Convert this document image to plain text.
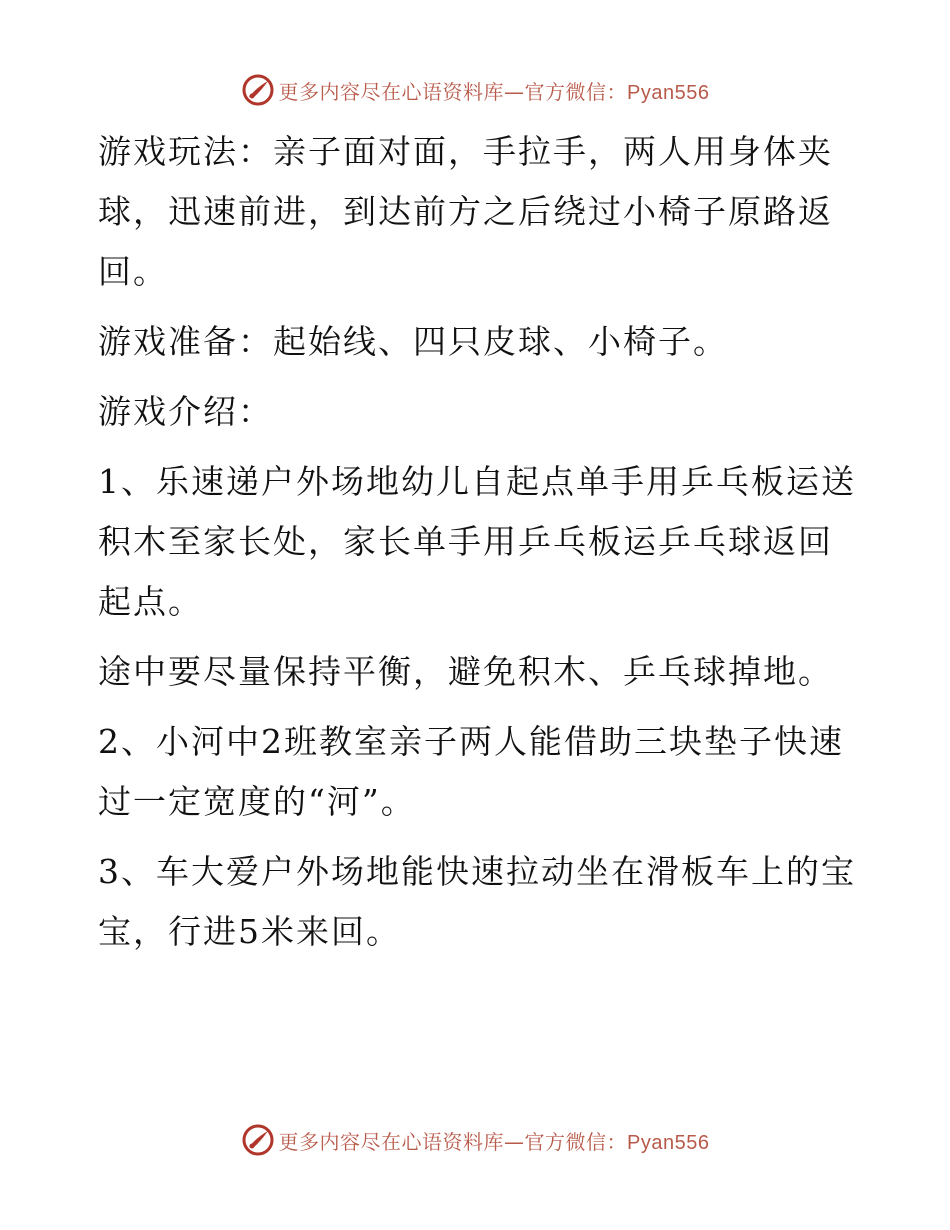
更多内容尽在心语资料库—官方微信：Pyan556

游戏玩法：亲子面对面，手拉手，两人用身体夹球，迅速前进，到达前方之后绕过小椅子原路返回。

游戏准备：起始线、四只皮球、小椅子。

游戏介绍：

1、乐速递户外场地幼儿自起点单手用乒乓板运送积木至家长处，家长单手用乒乓板运乒乓球返回起点。

途中要尽量保持平衡，避免积木、乒乓球掉地。

2、小河中2班教室亲子两人能借助三块垫子快速过一定宽度的“河”。

3、车大爱户外场地能快速拉动坐在滑板车上的宝宝，行进5米来回。

更多内容尽在心语资料库—官方微信：Pyan556
